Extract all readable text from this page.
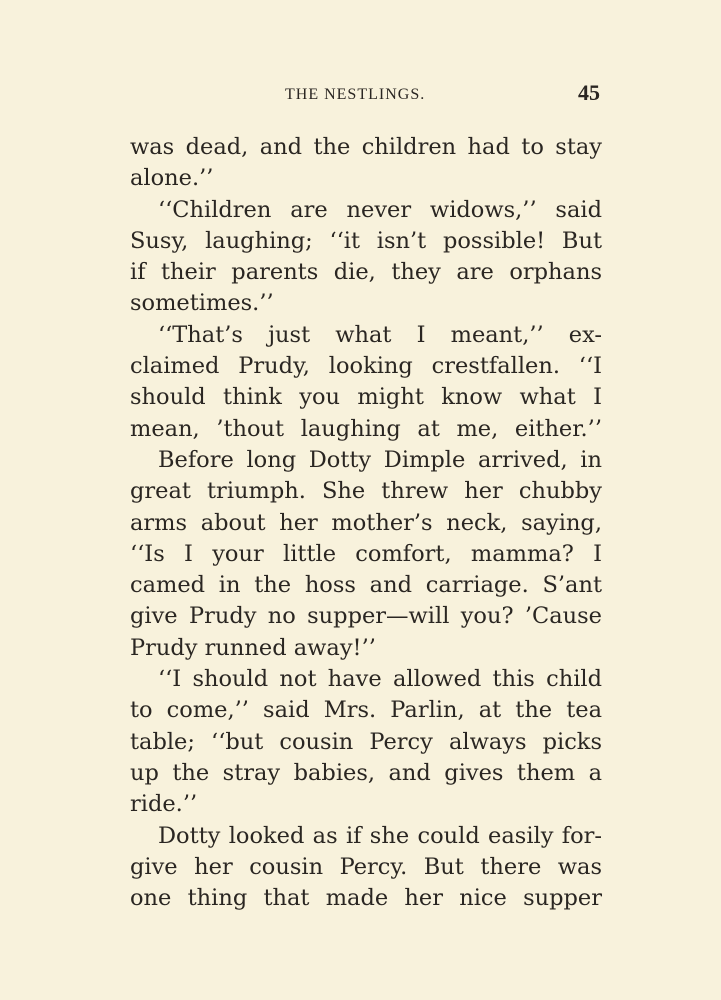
THE NESTLINGS.	45
was dead, and the children had to stay
alone.’’
‘‘Children are never widows,’’ said
Susy, laughing; ‘‘it isn’t possible! But
if their parents die, they are orphans
sometimes.’’
‘‘That’s just what I meant,’’ ex-
claimed Prudy, looking crestfallen. ‘‘I
should think you might know what I
mean, ’thout laughing at me, either.’’
Before long Dotty Dimple arrived, in
great triumph. She threw her chubby
arms about her mother’s neck, saying,
‘‘Is I your little comfort, mamma? I
camed in the hoss and carriage. S’ant
give Prudy no supper—will you? ’Cause
Prudy runned away!’’
‘‘I should not have allowed this child
to come,’’ said Mrs. Parlin, at the tea
table; ‘‘but cousin Percy always picks
up the stray babies, and gives them a
ride.’’
Dotty looked as if she could easily for-
give her cousin Percy. But there was
one thing that made her nice supper
